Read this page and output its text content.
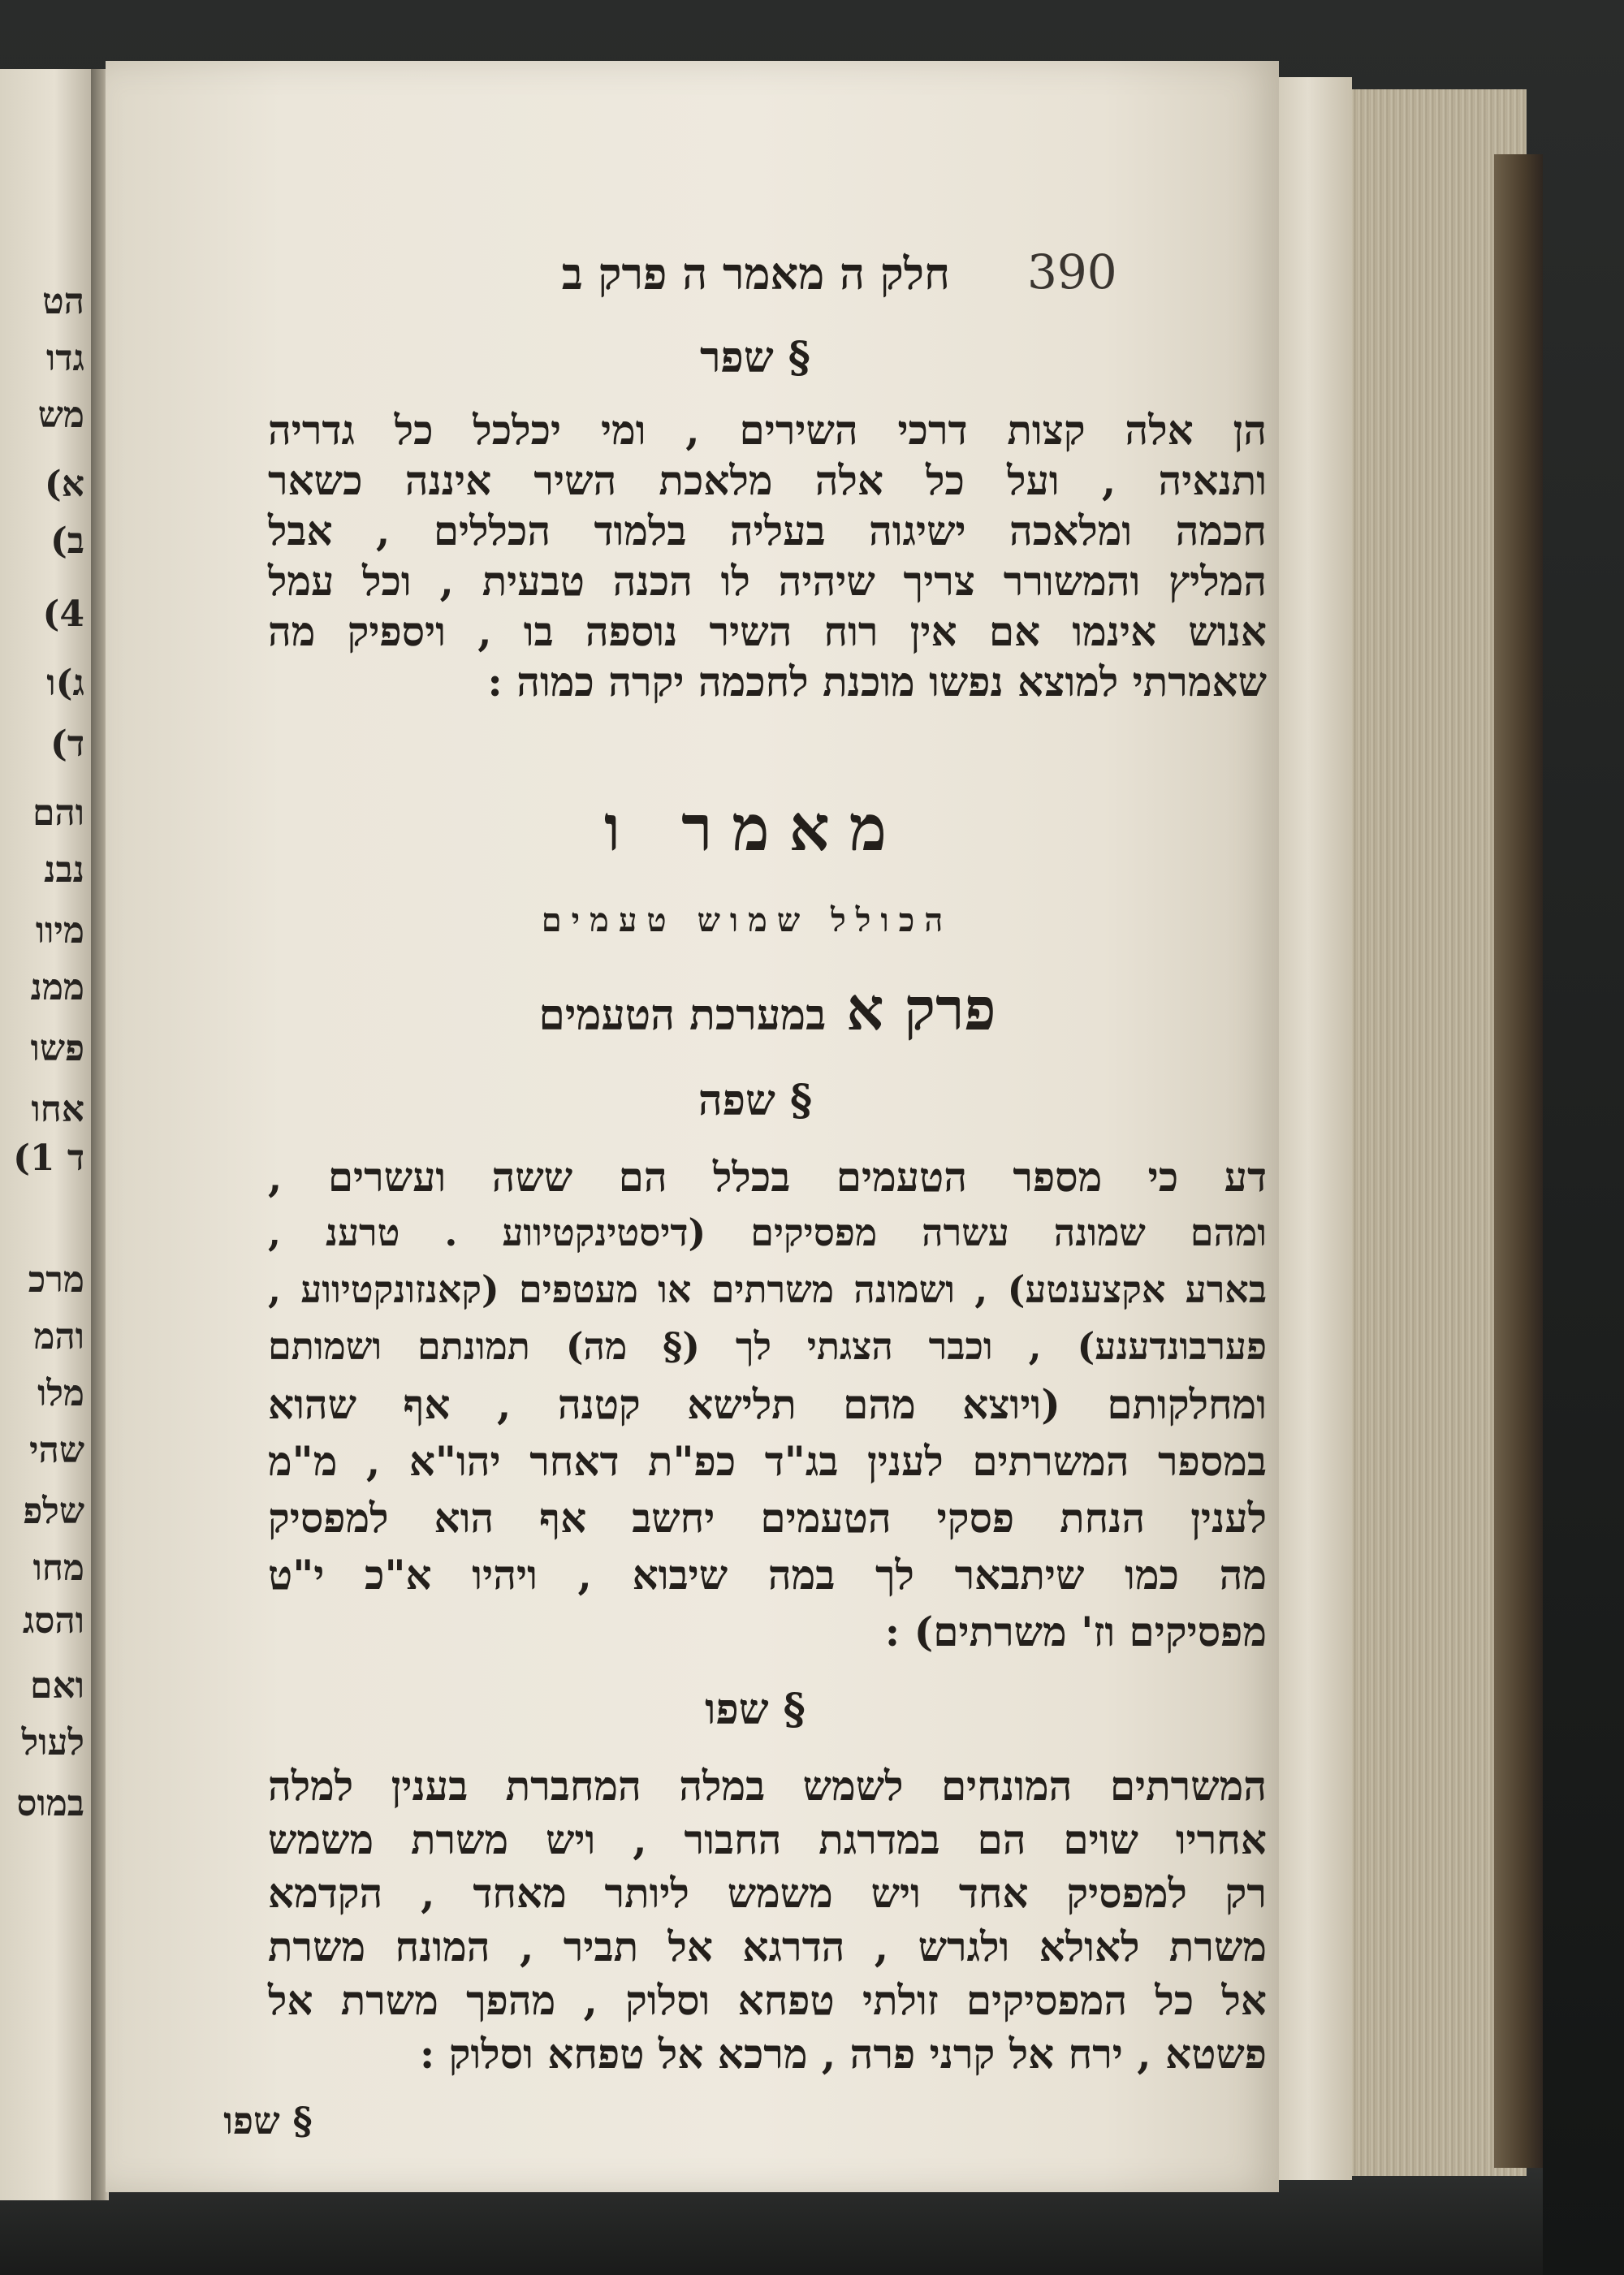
הט
גדו
מש
א)
ב)
4)
ג)ו
ד)
והם
נבנ
מיוו
ממנ
פשו
אחו
ד 1)
מרכ
והמ
מלו
שהי
שלפ
מחו
והסג
ואם
לעול
במוס
חלק ה מאמר ה פרק ב 390
§ שפר
הן אלה קצות דרכי השירים , ומי יכלכל כל גדריה
ותנאיה , ועל כל אלה מלאכת השיר איננה כשאר
חכמה ומלאכה ישיגוה בעליה בלמוד הכללים , אבל
המליץ והמשורר צריך שיהיה לו הכנה טבעית , וכל עמל
אנוש אינמו אם אין רוח השיר נוספה בו , ויספיק מה
שאמרתי למוצא נפשו מוכנת לחכמה יקרה כמוה :
מאמר ו
הכולל שמוש טעמים
פרק א במערכת הטעמים
§ שפה
דע כי מספר הטעמים בכלל הם ששה ועשרים ,
ומהם שמונה עשרה מפסיקים (דיסטינקטיווע . טרענ ,
בארע אקצענטע) , ושמונה משרתים או מעטפים (קאנזונקטיווע ,
פערבונדענע) , וכבר הצגתי לך (§ מה) תמונתם ושמותם
ומחלקותם (ויוצא מהם תלישא קטנה , אף שהוא
במספר המשרתים לענין בג"ד כפ"ת דאחר יהו"א , מ"מ
לענין הנחת פסקי הטעמים יחשב אף הוא למפסיק
מה כמו שיתבאר לך במה שיבוא , ויהיו א"כ י"ט
מפסיקים וז' משרתים) :
§ שפו
המשרתים המונחים לשמש במלה המחברת בענין למלה
אחריו שוים הם במדרגת החבור , ויש משרת משמש
רק למפסיק אחד ויש משמש ליותר מאחד , הקדמא
משרת לאולא ולגרש , הדרגא אל תביר , המונח משרת
אל כל המפסיקים זולתי טפחא וסלוק , מהפך משרת אל
פשטא , ירח אל קרני פרה , מרכא אל טפחא וסלוק :
§ שפו
